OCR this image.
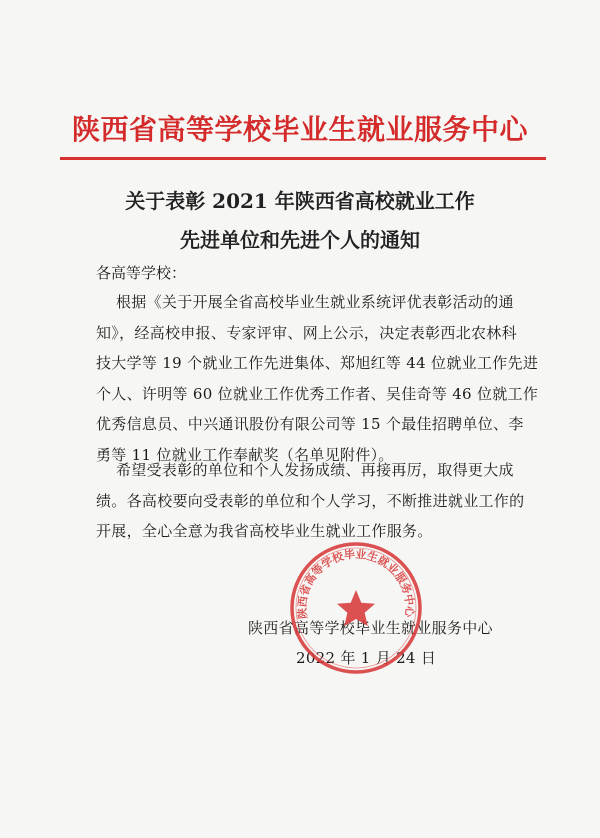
陕西省高等学校毕业生就业服务中心
关于表彰 2021 年陕西省高校就业工作
先进单位和先进个人的通知
各高等学校：
根据《关于开展全省高校毕业生就业系统评优表彰活动的通
知》，经高校申报、专家评审、网上公示，决定表彰西北农林科
技大学等 19 个就业工作先进集体、郑旭红等 44 位就业工作先进
个人、许明等 60 位就业工作优秀工作者、吴佳奇等 46 位就工作
优秀信息员、中兴通讯股份有限公司等 15 个最佳招聘单位、李
勇等 11 位就业工作奉献奖（名单见附件）。
希望受表彰的单位和个人发扬成绩、再接再厉，取得更大成
绩。各高校要向受表彰的单位和个人学习，不断推进就业工作的
开展，全心全意为我省高校毕业生就业工作服务。
陕西省高等学校毕业生就业服务中心
2022 年 1 月 24 日
陕西省高等学校毕业生就业服务中心
